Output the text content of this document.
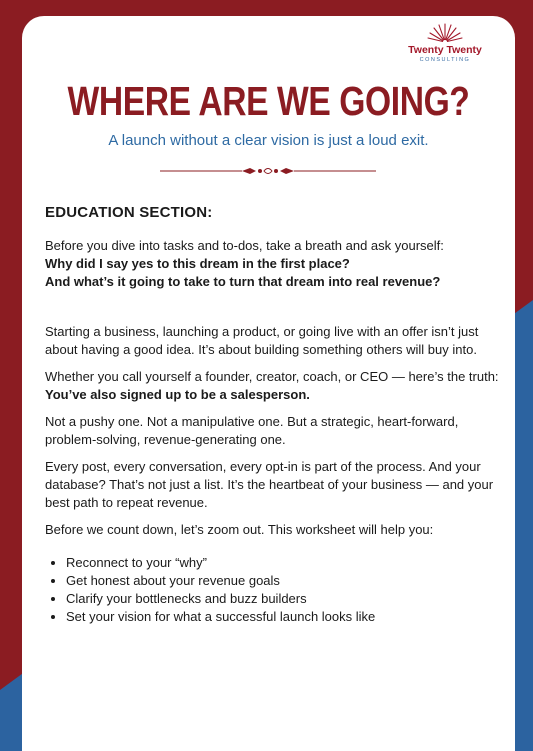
Twenty Twenty
CONSULTING
WHERE ARE WE GOING?
A launch without a clear vision is just a loud exit.
EDUCATION SECTION:

Before you dive into tasks and to-dos, take a breath and ask yourself:
Why did I say yes to this dream in the first place?
And what’s it going to take to turn that dream into real revenue?

Starting a business, launching a product, or going live with an offer isn’t just about having a good idea. It’s about building something others will buy into.

Whether you call yourself a founder, creator, coach, or CEO — here’s the truth: You’ve also signed up to be a salesperson.

Not a pushy one. Not a manipulative one. But a strategic, heart-forward, problem-solving, revenue-generating one.

Every post, every conversation, every opt-in is part of the process. And your database? That’s not just a list. It’s the heartbeat of your business — and your best path to repeat revenue.

Before we count down, let’s zoom out. This worksheet will help you:

• Reconnect to your “why”
• Get honest about your revenue goals
• Clarify your bottlenecks and buzz builders
• Set your vision for what a successful launch looks like
